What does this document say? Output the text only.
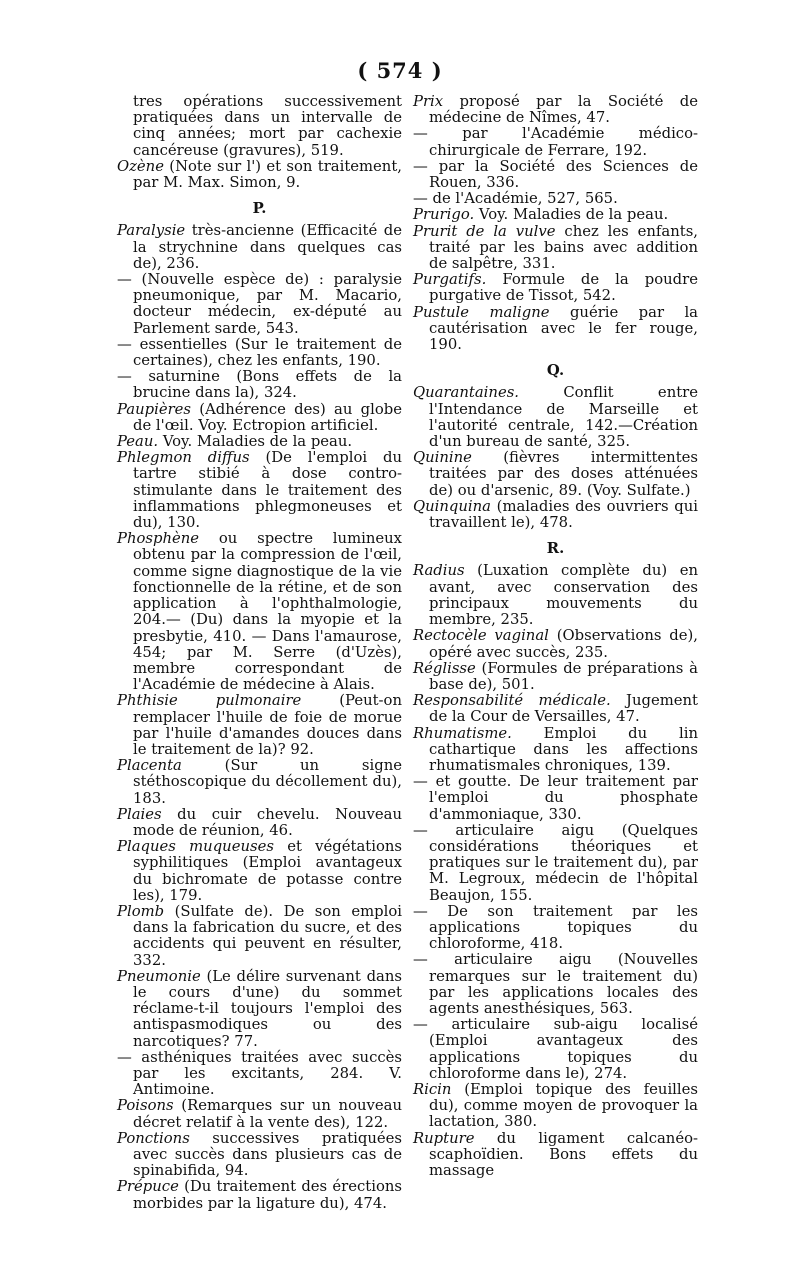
( 574 )

tres opérations successivement pratiquées dans un intervalle de cinq années; mort par cachexie cancéreuse (gravures), 519.

Ozène (Note sur l') et son traitement, par M. Max. Simon, 9.

P.

Paralysie très-ancienne (Efficacité de la strychnine dans quelques cas de), 236.

— (Nouvelle espèce de) : paralysie pneumonique, par M. Macario, docteur médecin, ex-député au Parlement sarde, 543.

— essentielles (Sur le traitement de certaines), chez les enfants, 190.

— saturnine (Bons effets de la brucine dans la), 324.

Paupières (Adhérence des) au globe de l'œil. Voy. Ectropion artificiel.

Peau. Voy. Maladies de la peau.

Phlegmon diffus (De l'emploi du tartre stibié à dose contro-stimulante dans le traitement des inflammations phlegmoneuses et du), 130.

Phosphène ou spectre lumineux obtenu par la compression de l'œil, comme signe diagnostique de la vie fonctionnelle de la rétine, et de son application à l'ophthalmologie, 204.— (Du) dans la myopie et la presbytie, 410. — Dans l'amaurose, 454; par M. Serre (d'Uzès), membre correspondant de l'Académie de médecine à Alais.

Phthisie pulmonaire (Peut-on remplacer l'huile de foie de morue par l'huile d'amandes douces dans le traitement de la)? 92.

Placenta (Sur un signe stéthoscopique du décollement du), 183.

Plaies du cuir chevelu. Nouveau mode de réunion, 46.

Plaques muqueuses et végétations syphilitiques (Emploi avantageux du bichromate de potasse contre les), 179.

Plomb (Sulfate de). De son emploi dans la fabrication du sucre, et des accidents qui peuvent en résulter, 332.

Pneumonie (Le délire survenant dans le cours d'une) du sommet réclame-t-il toujours l'emploi des antispasmodiques ou des narcotiques? 77.

— asthéniques traitées avec succès par les excitants, 284. V. Antimoine.

Poisons (Remarques sur un nouveau décret relatif à la vente des), 122.

Ponctions successives pratiquées avec succès dans plusieurs cas de spinabifida, 94.

Prépuce (Du traitement des érections morbides par la ligature du), 474.

Prix proposé par la Société de médecine de Nîmes, 47.

— par l'Académie médico-chirurgicale de Ferrare, 192.

— par la Société des Sciences de Rouen, 336.

— de l'Académie, 527, 565.

Prurigo. Voy. Maladies de la peau.

Prurit de la vulve chez les enfants, traité par les bains avec addition de salpêtre, 331.

Purgatifs. Formule de la poudre purgative de Tissot, 542.

Pustule maligne guérie par la cautérisation avec le fer rouge, 190.

Q.

Quarantaines. Conflit entre l'Intendance de Marseille et l'autorité centrale, 142.—Création d'un bureau de santé, 325.

Quinine (fièvres intermittentes traitées par des doses atténuées de) ou d'arsenic, 89. (Voy. Sulfate.)

Quinquina (maladies des ouvriers qui travaillent le), 478.

R.

Radius (Luxation complète du) en avant, avec conservation des principaux mouvements du membre, 235.

Rectocèle vaginal (Observations de), opéré avec succès, 235.

Réglisse (Formules de préparations à base de), 501.

Responsabilité médicale. Jugement de la Cour de Versailles, 47.

Rhumatisme. Emploi du lin cathartique dans les affections rhumatismales chroniques, 139.

— et goutte. De leur traitement par l'emploi du phosphate d'ammoniaque, 330.

— articulaire aigu (Quelques considérations théoriques et pratiques sur le traitement du), par M. Legroux, médecin de l'hôpital Beaujon, 155.

— De son traitement par les applications topiques du chloroforme, 418.

— articulaire aigu (Nouvelles remarques sur le traitement du) par les applications locales des agents anesthésiques, 563.

— articulaire sub-aigu localisé (Emploi avantageux des applications topiques du chloroforme dans le), 274.

Ricin (Emploi topique des feuilles du), comme moyen de provoquer la lactation, 380.

Rupture du ligament calcanéo-scaphoïdien. Bons effets du massage
